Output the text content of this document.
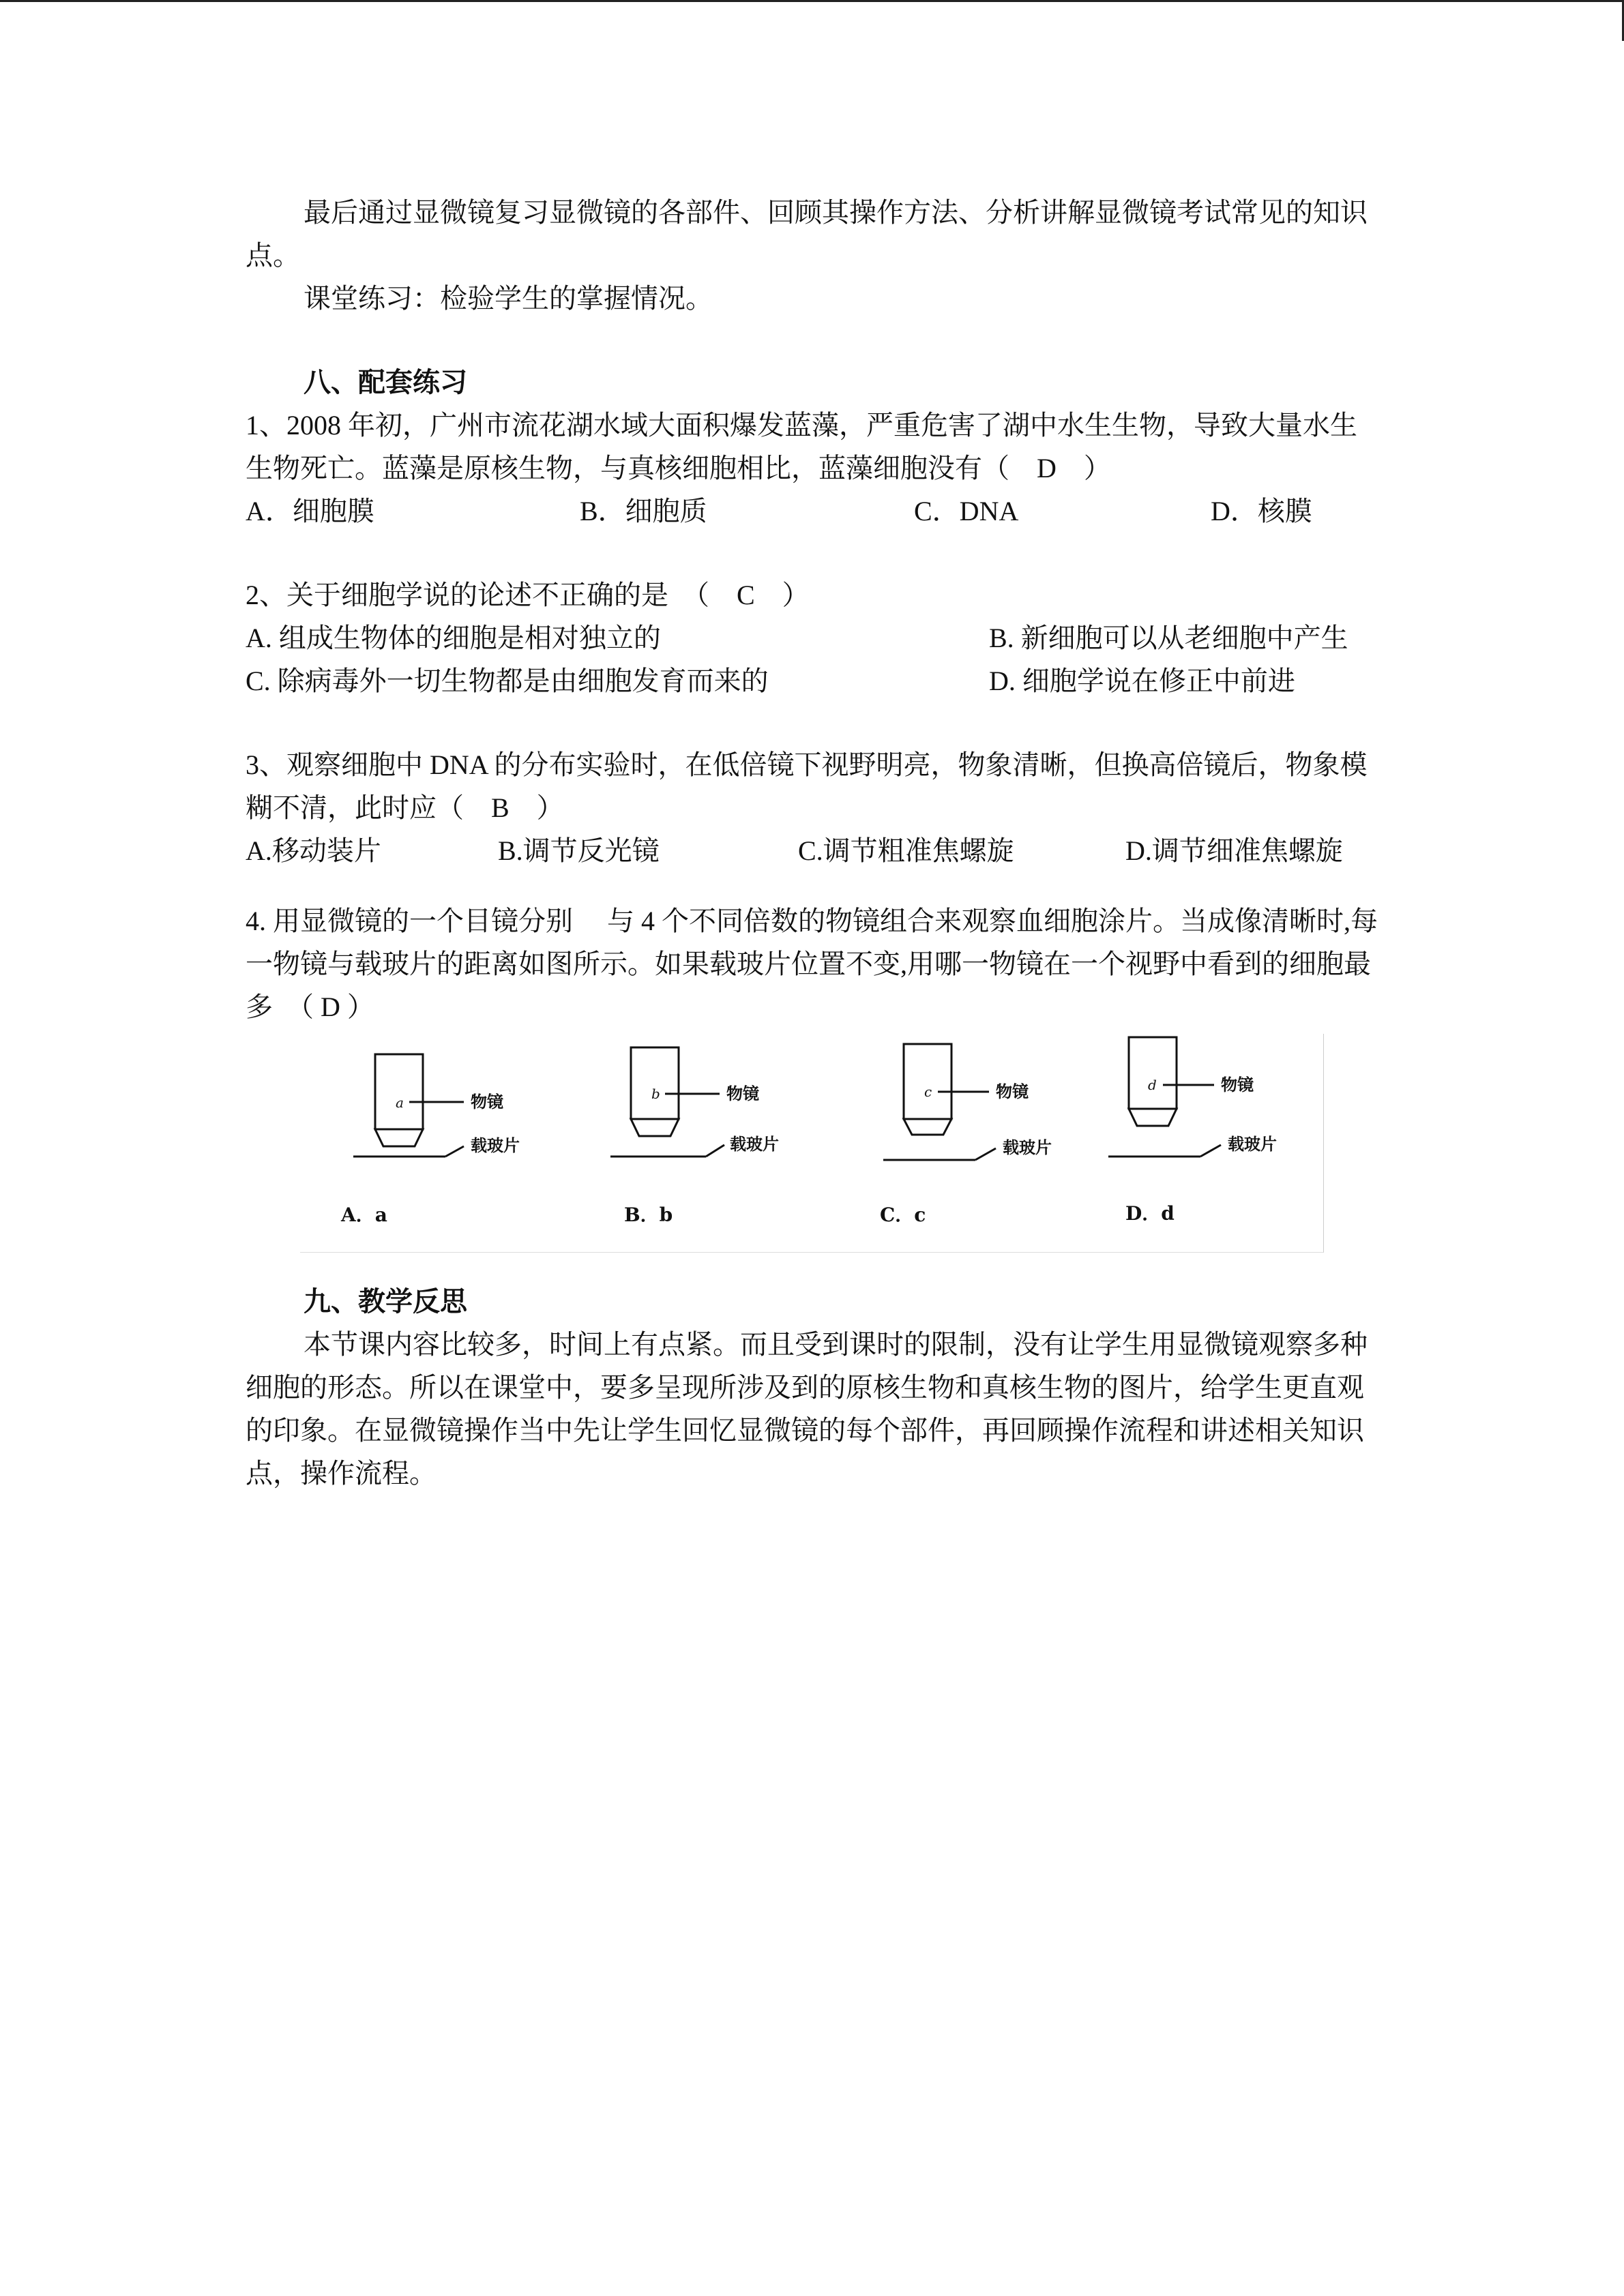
最后通过显微镜复习显微镜的各部件、回顾其操作方法、分析讲解显微镜考试常见的知识点。

课堂练习：检验学生的掌握情况。

八、配套练习

1、2008 年初，广州市流花湖水域大面积爆发蓝藻，严重危害了湖中水生生物，导致大量水生生物死亡。蓝藻是原核生物，与真核细胞相比，蓝藻细胞没有（　D　）

A．细胞膜	B．细胞质	C．DNA	D．核膜

2、关于细胞学说的论述不正确的是　（　C　）

A. 组成生物体的细胞是相对独立的	B. 新细胞可以从老细胞中产生
C. 除病毒外一切生物都是由细胞发育而来的	D. 细胞学说在修正中前进

3、观察细胞中 DNA 的分布实验时，在低倍镜下视野明亮，物象清晰，但换高倍镜后，物象模糊不清，此时应（　B　）

A.移动装片	B.调节反光镜	C.调节粗准焦螺旋	D.调节细准焦螺旋

4. 用显微镜的一个目镜分别　 与 4 个不同倍数的物镜组合来观察血细胞涂片。当成像清晰时,每一物镜与载玻片的距离如图所示。如果载玻片位置不变,用哪一物镜在一个视野中看到的细胞最多　（ D ）

a
b	c	d
物镜
载玻片
物镜
载玻片
物镜
载玻片
物镜
载玻片
A．a	B．b	C．c	D．d

九、教学反思

本节课内容比较多，时间上有点紧。而且受到课时的限制，没有让学生用显微镜观察多种细胞的形态。所以在课堂中，要多呈现所涉及到的原核生物和真核生物的图片，给学生更直观的印象。在显微镜操作当中先让学生回忆显微镜的每个部件，再回顾操作流程和讲述相关知识点，操作流程。
